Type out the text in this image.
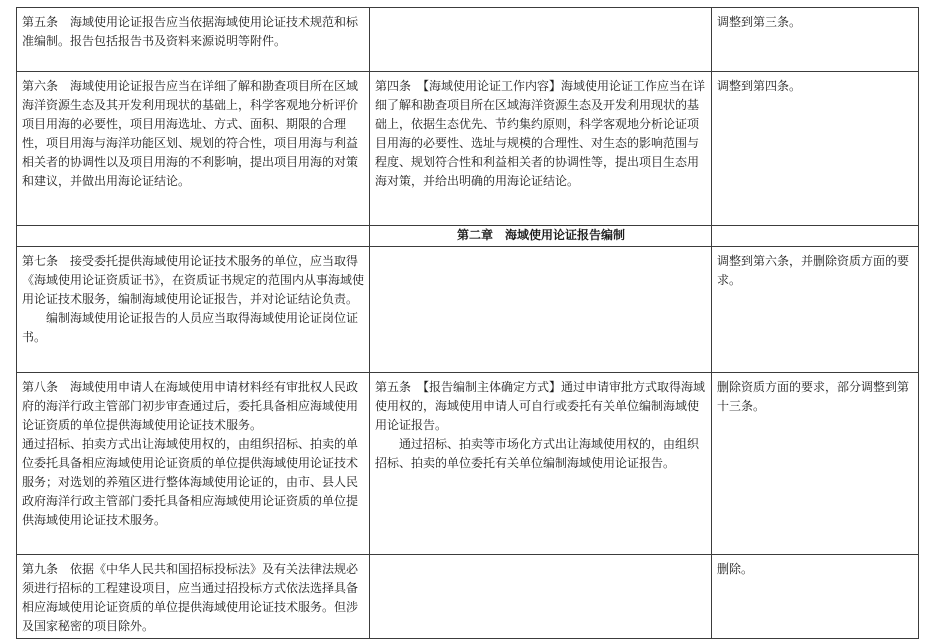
第五条　海域使用论证报告应当依据海域使用论证技术规范和标准编制。报告包括报告书及资料来源说明等附件。		调整到第三条。

第六条　海域使用论证报告应当在详细了解和勘查项目所在区域海洋资源生态及其开发利用现状的基础上，科学客观地分析评价项目用海的必要性，项目用海选址、方式、面积、期限的合理性，项目用海与海洋功能区划、规划的符合性，项目用海与利益相关者的协调性以及项目用海的不利影响，提出项目用海的对策和建议，并做出用海论证结论。	第四条　【海域使用论证工作内容】海域使用论证工作应当在详细了解和勘查项目所在区域海洋资源生态及开发利用现状的基础上，依据生态优先、节约集约原则，科学客观地分析论证项目用海的必要性、选址与规模的合理性、对生态的影响范围与程度、规划符合性和利益相关者的协调性等，提出项目生态用海对策，并给出明确的用海论证结论。	调整到第四条。

	第二章　海域使用论证报告编制	

第七条　接受委托提供海域使用论证技术服务的单位，应当取得《海域使用论证资质证书》，在资质证书规定的范围内从事海域使用论证技术服务，编制海域使用论证报告，并对论证结论负责。
编制海域使用论证报告的人员应当取得海域使用论证岗位证书。		调整到第六条，并删除资质方面的要求。

第八条　海域使用申请人在海域使用申请材料经有审批权人民政府的海洋行政主管部门初步审查通过后，委托具备相应海域使用论证资质的单位提供海域使用论证技术服务。
通过招标、拍卖方式出让海域使用权的，由组织招标、拍卖的单位委托具备相应海域使用论证资质的单位提供海域使用论证技术服务；对选划的养殖区进行整体海域使用论证的，由市、县人民政府海洋行政主管部门委托具备相应海域使用论证资质的单位提供海域使用论证技术服务。	第五条　【报告编制主体确定方式】通过申请审批方式取得海域使用权的，海域使用申请人可自行或委托有关单位编制海域使用论证报告。
通过招标、拍卖等市场化方式出让海域使用权的，由组织招标、拍卖的单位委托有关单位编制海域使用论证报告。	删除资质方面的要求，部分调整到第十三条。

第九条　依据《中华人民共和国招标投标法》及有关法律法规必须进行招标的工程建设项目，应当通过招投标方式依法选择具备相应海域使用论证资质的单位提供海域使用论证技术服务。但涉及国家秘密的项目除外。		删除。
